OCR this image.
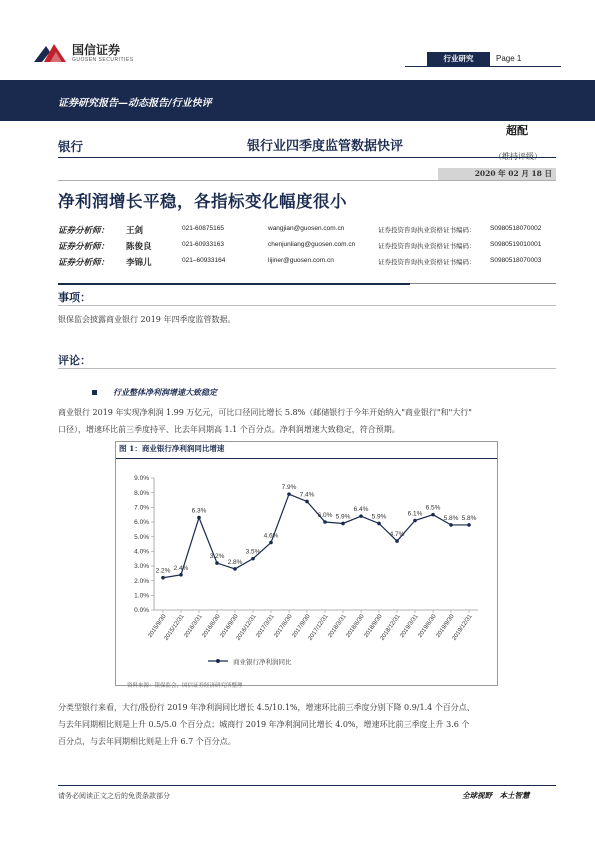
国信证券
GUOSEN SECURITIES	行业研究	Page 1
证券研究报告—动态报告/行业快评
银行	银行业四季度监管数据快评
超配
2020 年 02 月 18 日
净利润增长平稳，各指标变化幅度很小
证券分析师： 王剑	021-60875165	wangjian@guosen.com.cn	证券投资咨询执业资格证书编码： S0980518070002
证券分析师： 陈俊良	021-60933163	chenjunliang@guosen.com.cn	证券投资咨询执业资格证书编码： S0980519010001
证券分析师： 李锦儿	021–60933164	lijiner@guosen.com.cn	证券投资咨询执业资格证书编码： S0980518070003
事项：
银保监会披露商业银行 2019 年四季度监管数据。
评论：
行业整体净利润增速大致稳定
商业银行 2019 年实现净利润 1.99 万亿元，可比口径同比增长 5.8%（邮储银行于今年开始纳入"商业银行"和"大行"
口径），增速环比前三季度持平、比去年同期高 1.1 个百分点。净利润增速大致稳定，符合预期。
图 1：商业银行净利润同比增速
0.0%
1.0%
2.0%
3.0%
4.0%
5.0%
6.0%
7.0%
8.0%
9.0%
2015/9/30
2015/12/31
2016/3/31
2016/6/30
2016/9/30
2016/12/31
2017/3/31
2017/6/30
2017/9/30
2017/12/31
2018/3/31
2018/6/30
2018/9/30
2018/12/31
2019/3/31
2019/6/30
2019/9/30
2019/12/31
2.2% 2.4%
6.3%
3.2%
2.8%
3.5%
4.6%
7.9%
7.4%
6.0% 5.9%
6.4%
5.9%
4.7%
6.1%
6.5%
5.8% 5.8%
商业银行净利润同比
资料来源：银保监会，国信证券经济研究所整理
分类型银行来看，大行/股份行 2019 年净利润同比增长 4.5/10.1%，增速环比前三季度分别下降 0.9/1.4 个百分点、
与去年同期相比则是上升 0.5/5.0 个百分点；城商行 2019 年净利润同比增长 4.0%，增速环比前三季度上升 3.6 个
百分点，与去年同期相比则是上升 6.7 个百分点。
请务必阅读正文之后的免责条款部分	全球视野　本土智慧
